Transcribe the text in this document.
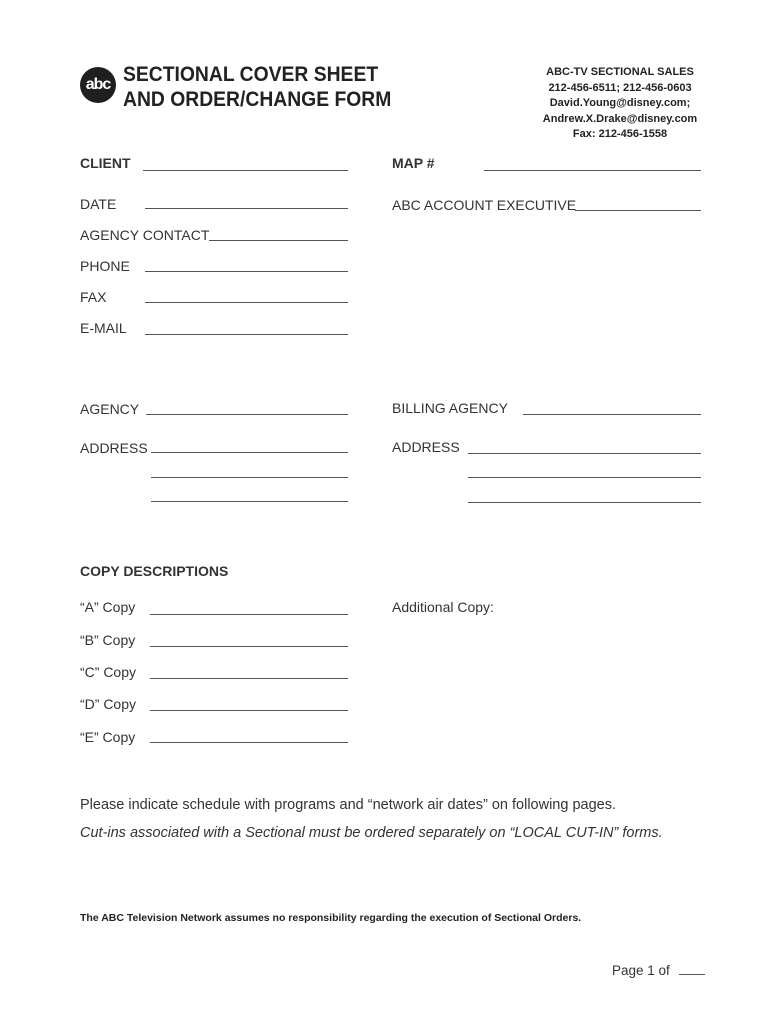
abc SECTIONAL COVER SHEET
AND ORDER/CHANGE FORM
ABC-TV SECTIONAL SALES
212-456-6511; 212-456-0603
David.Young@disney.com;
Andrew.X.Drake@disney.com
Fax: 212-456-1558
CLIENT
DATE
AGENCY CONTACT
PHONE
FAX
E-MAIL
MAP #
ABC ACCOUNT EXECUTIVE
AGENCY
ADDRESS
BILLING AGENCY
ADDRESS
COPY DESCRIPTIONS
“A” Copy
“B” Copy
“C” Copy
“D” Copy
“E” Copy
Additional Copy:
Please indicate schedule with programs and “network air dates” on following pages.
Cut-ins associated with a Sectional must be ordered separately on “LOCAL CUT-IN” forms.
The ABC Television Network assumes no responsibility regarding the execution of Sectional Orders.
Page 1 of
